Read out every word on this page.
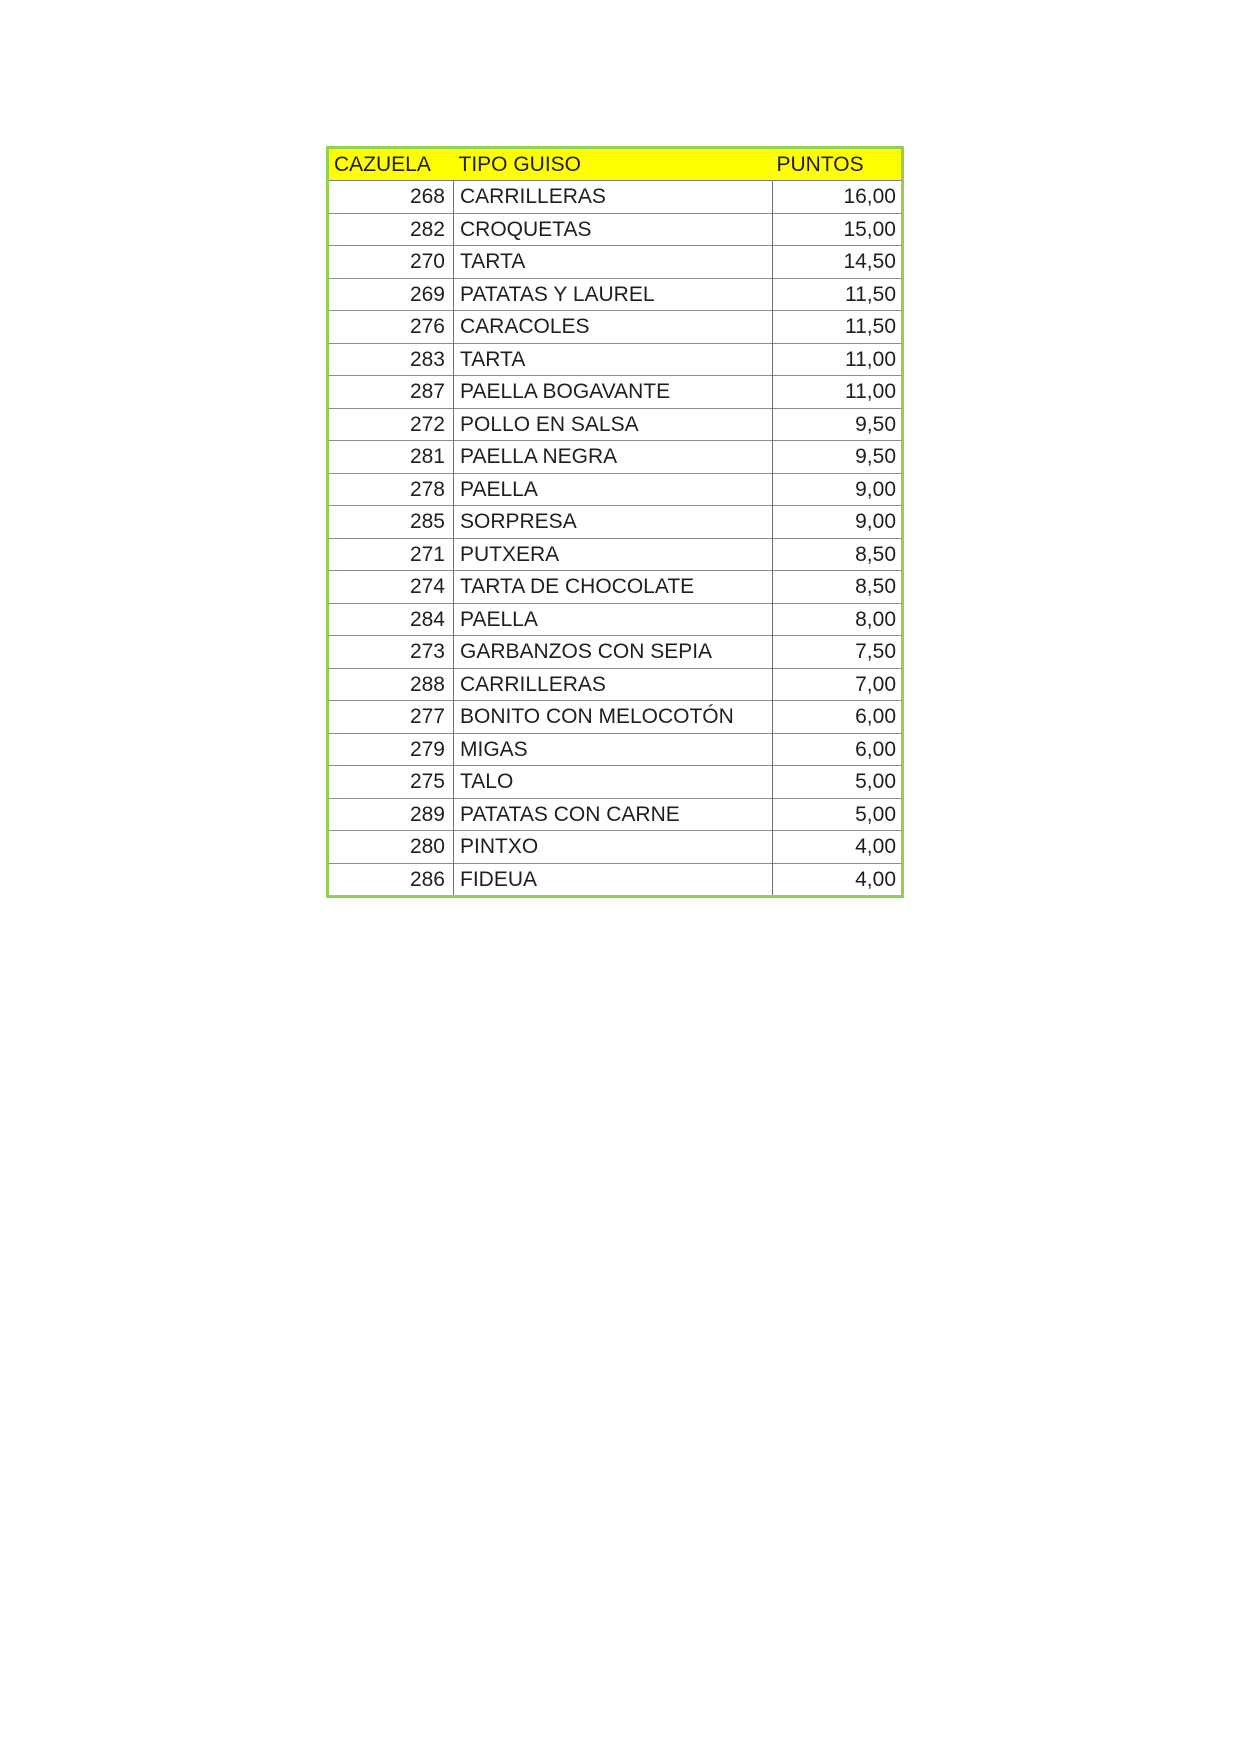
CAZUELA	TIPO GUISO	PUNTOS
268	CARRILLERAS	16,00
282	CROQUETAS	15,00
270	TARTA	14,50
269	PATATAS Y LAUREL	11,50
276	CARACOLES	11,50
283	TARTA	11,00
287	PAELLA BOGAVANTE	11,00
272	POLLO EN SALSA	9,50
281	PAELLA NEGRA	9,50
278	PAELLA	9,00
285	SORPRESA	9,00
271	PUTXERA	8,50
274	TARTA DE CHOCOLATE	8,50
284	PAELLA	8,00
273	GARBANZOS CON SEPIA	7,50
288	CARRILLERAS	7,00
277	BONITO CON MELOCOTÓN	6,00
279	MIGAS	6,00
275	TALO	5,00
289	PATATAS CON CARNE	5,00
280	PINTXO	4,00
286	FIDEUA	4,00
